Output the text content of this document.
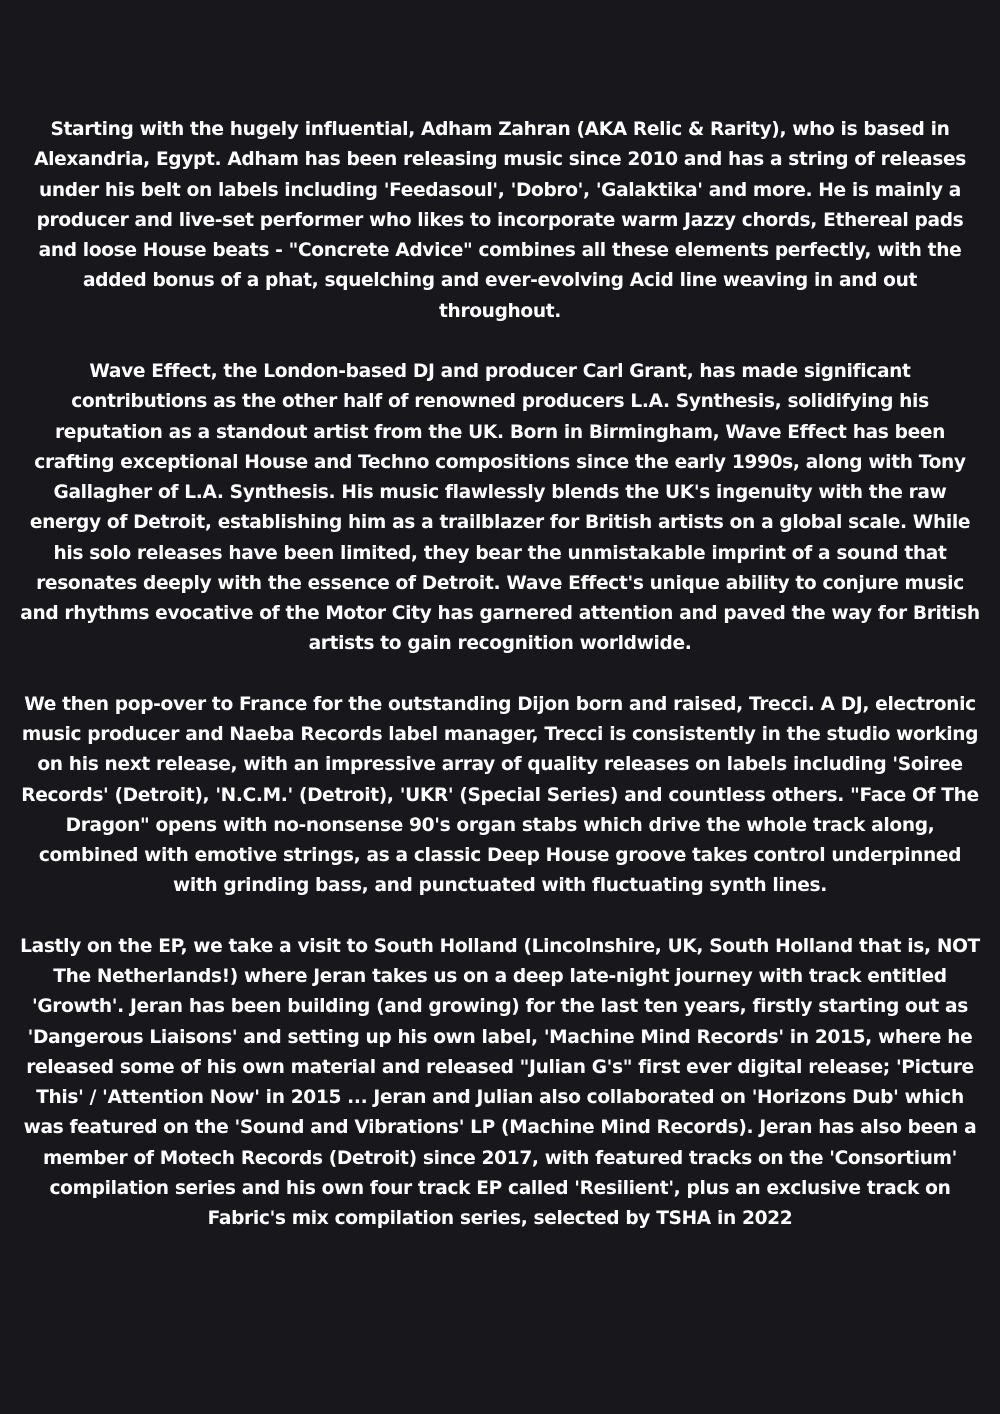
Starting with the hugely influential, Adham Zahran (AKA Relic & Rarity), who is based in Alexandria, Egypt. Adham has been releasing music since 2010 and has a string of releases under his belt on labels including 'Feedasoul', 'Dobro', 'Galaktika' and more. He is mainly a producer and live-set performer who likes to incorporate warm Jazzy chords, Ethereal pads and loose House beats - "Concrete Advice" combines all these elements perfectly, with the added bonus of a phat, squelching and ever-evolving Acid line weaving in and out throughout.

Wave Effect, the London-based DJ and producer Carl Grant, has made significant contributions as the other half of renowned producers L.A. Synthesis, solidifying his reputation as a standout artist from the UK. Born in Birmingham, Wave Effect has been crafting exceptional House and Techno compositions since the early 1990s, along with Tony Gallagher of L.A. Synthesis. His music flawlessly blends the UK's ingenuity with the raw energy of Detroit, establishing him as a trailblazer for British artists on a global scale. While his solo releases have been limited, they bear the unmistakable imprint of a sound that resonates deeply with the essence of Detroit. Wave Effect's unique ability to conjure music and rhythms evocative of the Motor City has garnered attention and paved the way for British artists to gain recognition worldwide.

We then pop-over to France for the outstanding Dijon born and raised, Trecci. A DJ, electronic music producer and Naeba Records label manager, Trecci is consistently in the studio working on his next release, with an impressive array of quality releases on labels including 'Soiree Records' (Detroit), 'N.C.M.' (Detroit), 'UKR' (Special Series) and countless others. "Face Of The Dragon" opens with no-nonsense 90's organ stabs which drive the whole track along, combined with emotive strings, as a classic Deep House groove takes control underpinned with grinding bass, and punctuated with fluctuating synth lines.

Lastly on the EP, we take a visit to South Holland (Lincolnshire, UK, South Holland that is, NOT The Netherlands!) where Jeran takes us on a deep late-night journey with track entitled 'Growth'. Jeran has been building (and growing) for the last ten years, firstly starting out as 'Dangerous Liaisons' and setting up his own label, 'Machine Mind Records' in 2015, where he released some of his own material and released "Julian G's" first ever digital release; 'Picture This' / 'Attention Now' in 2015 ... Jeran and Julian also collaborated on 'Horizons Dub' which was featured on the 'Sound and Vibrations' LP (Machine Mind Records). Jeran has also been a member of Motech Records (Detroit) since 2017, with featured tracks on the 'Consortium' compilation series and his own four track EP called 'Resilient', plus an exclusive track on Fabric's mix compilation series, selected by TSHA in 2022
